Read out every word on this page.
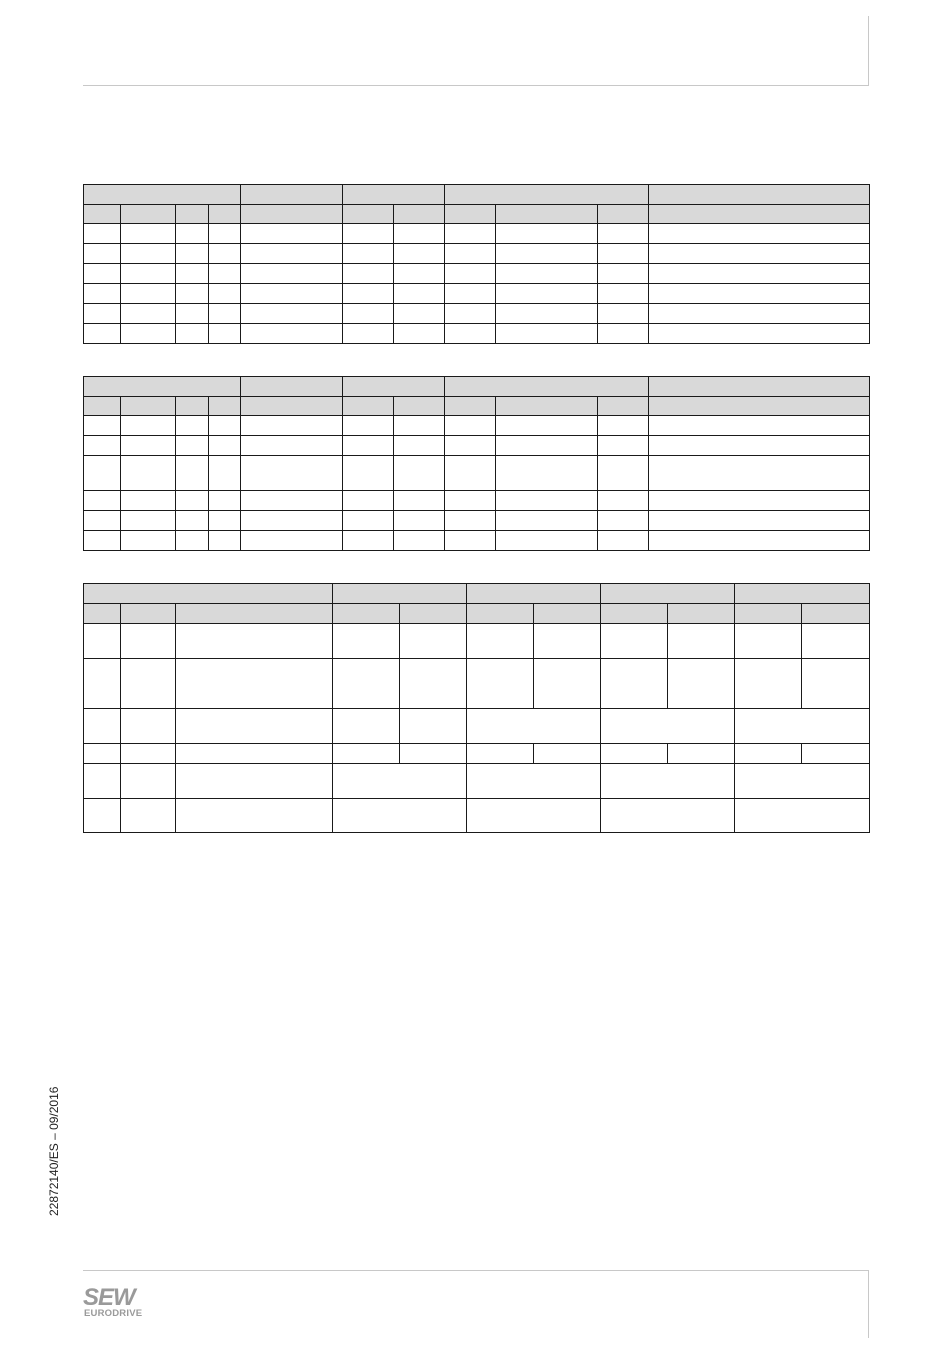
22872140/ES – 09/2016
SEW
EURODRIVE
